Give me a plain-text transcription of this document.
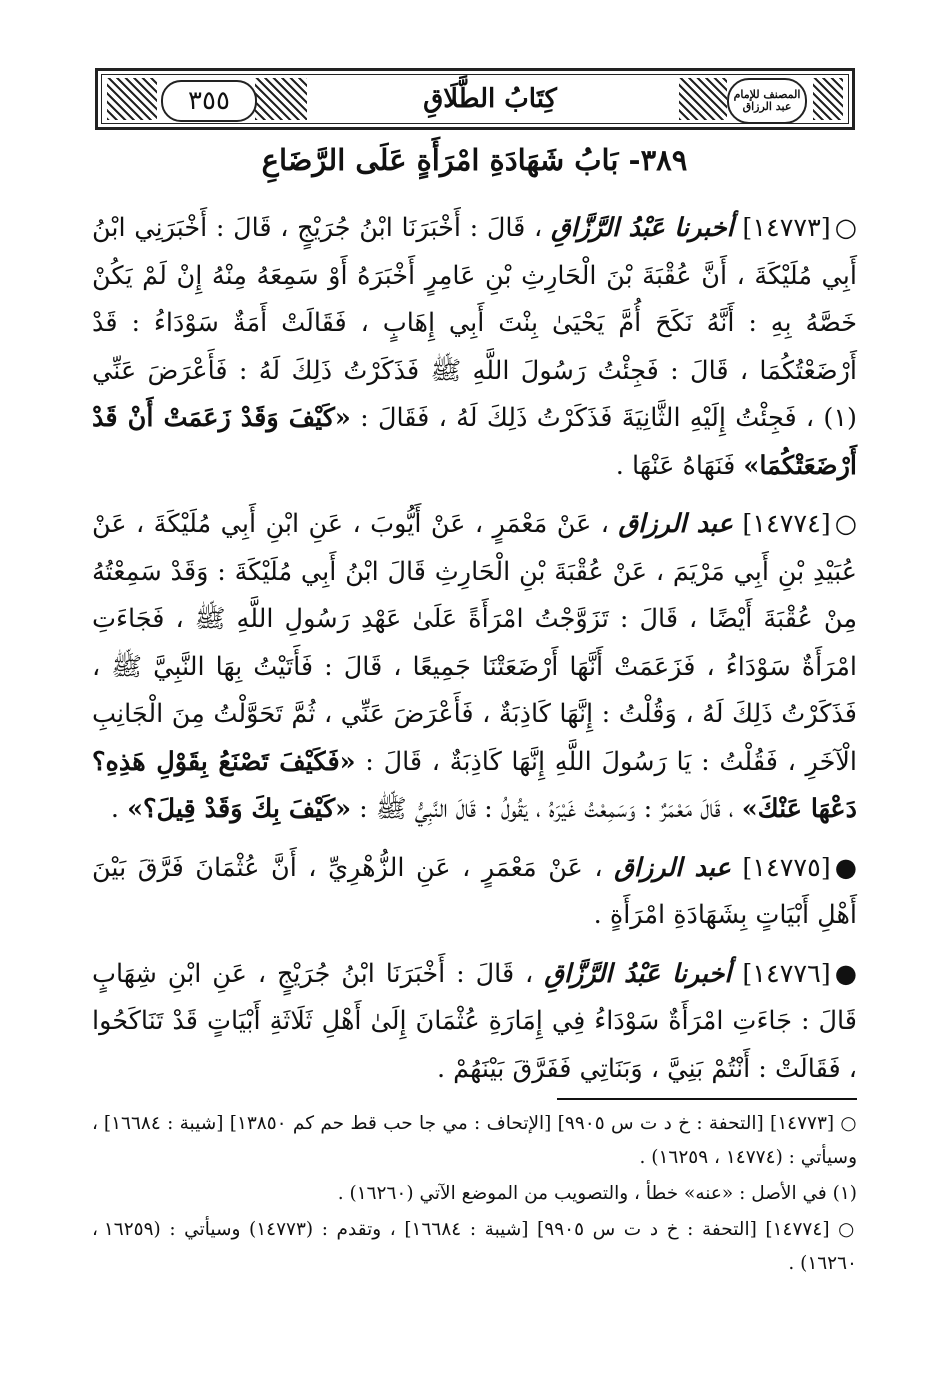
٣٥٥	كِتَابُ الطَّلَاقِ	المصنف للإمام عبد الرزاق
٣٨٩- بَابُ شَهَادَةِ امْرَأَةٍ عَلَى الرَّضَاعِ

○[١٤٧٧٣] أخبرنا عَبْدُ الرَّزَّاقِ ، قَالَ : أَخْبَرَنَا ابْنُ جُرَيْجٍ ، قَالَ : أَخْبَرَنِي ابْنُ أَبِي مُلَيْكَةَ ، أَنَّ عُقْبَةَ بْنَ الْحَارِثِ بْنِ عَامِرٍ أَخْبَرَهُ أَوْ سَمِعَهُ مِنْهُ إِنْ لَمْ يَكُنْ خَصَّهُ بِهِ : أَنَّهُ نَكَحَ أُمَّ يَحْيَىٰ بِنْتَ أَبِي إِهَابٍ ، فَقَالَتْ أَمَةٌ سَوْدَاءُ : قَدْ أَرْضَعْتُكُمَا ، قَالَ : فَجِئْتُ رَسُولَ اللَّهِ ﷺ فَذَكَرْتُ ذَلِكَ لَهُ : فَأَعْرَضَ عَنِّي (١) ، فَجِئْتُ إِلَيْهِ الثَّانِيَةَ فَذَكَرْتُ ذَلِكَ لَهُ ، فَقَالَ : «كَيْفَ وَقَدْ زَعَمَتْ أَنْ قَدْ أَرْضَعَتْكُمَا» فَنَهَاهُ عَنْهَا .

○[١٤٧٧٤] عبد الرزاق ، عَنْ مَعْمَرٍ ، عَنْ أَيُّوبَ ، عَنِ ابْنِ أَبِي مُلَيْكَةَ ، عَنْ عُبَيْدِ بْنِ أَبِي مَرْيَمَ ، عَنْ عُقْبَةَ بْنِ الْحَارِثِ قَالَ ابْنُ أَبِي مُلَيْكَةَ : وَقَدْ سَمِعْتُهُ مِنْ عُقْبَةَ أَيْضًا ، قَالَ : تَزَوَّجْتُ امْرَأَةً عَلَىٰ عَهْدِ رَسُولِ اللَّهِ ﷺ ، فَجَاءَتِ امْرَأَةٌ سَوْدَاءُ ، فَزَعَمَتْ أَنَّهَا أَرْضَعَتْنَا جَمِيعًا ، قَالَ : فَأَتَيْتُ بِهَا النَّبِيَّ ﷺ ، فَذَكَرْتُ ذَلِكَ لَهُ ، وَقُلْتُ : إِنَّهَا كَاذِبَةٌ ، فَأَعْرَضَ عَنِّي ، ثُمَّ تَحَوَّلْتُ مِنَ الْجَانِبِ الْآخَرِ ، فَقُلْتُ : يَا رَسُولَ اللَّهِ إِنَّهَا كَاذِبَةٌ ، قَالَ : «فَكَيْفَ تَصْنَعُ بِقَوْلِ هَذِهِ؟ دَعْهَا عَنْكَ» ، قَالَ مَعْمَرٌ : وَسَمِعْتُ غَيْرَهُ ، يَقُولُ : قَالَ النَّبِيُّ ﷺ : «كَيْفَ بِكَ وَقَدْ قِيلَ؟» .

●[١٤٧٧٥] عبد الرزاق ، عَنْ مَعْمَرٍ ، عَنِ الزُّهْرِيِّ ، أَنَّ عُثْمَانَ فَرَّقَ بَيْنَ أَهْلِ أَبْيَاتٍ بِشَهَادَةِ امْرَأَةٍ .

●[١٤٧٧٦] أخبرنا عَبْدُ الرَّزَّاقِ ، قَالَ : أَخْبَرَنَا ابْنُ جُرَيْجٍ ، عَنِ ابْنِ شِهَابٍ قَالَ : جَاءَتِ امْرَأَةٌ سَوْدَاءُ فِي إِمَارَةِ عُثْمَانَ إِلَىٰ أَهْلِ ثَلَاثَةِ أَبْيَاتٍ قَدْ تَنَاكَحُوا ، فَقَالَتْ : أَنْتُمْ بَنِيَّ ، وَبَنَاتِي فَفَرَّقَ بَيْنَهُمْ .

○ [١٤٧٧٣] [التحفة : خ د ت س ٩٩٠٥] [الإتحاف : مي جا حب قط حم كم ١٣٨٥٠] [شيبة : ١٦٦٨٤] ، وسيأتي : (١٤٧٧٤ ، ١٦٢٥٩) .

(١) في الأصل : «عنه» خطأ ، والتصويب من الموضع الآتي (١٦٢٦٠) .

○ [١٤٧٧٤] [التحفة : خ د ت س ٩٩٠٥] [شيبة : ١٦٦٨٤] ، وتقدم : (١٤٧٧٣) وسيأتي : (١٦٢٥٩ ، ١٦٢٦٠) .
